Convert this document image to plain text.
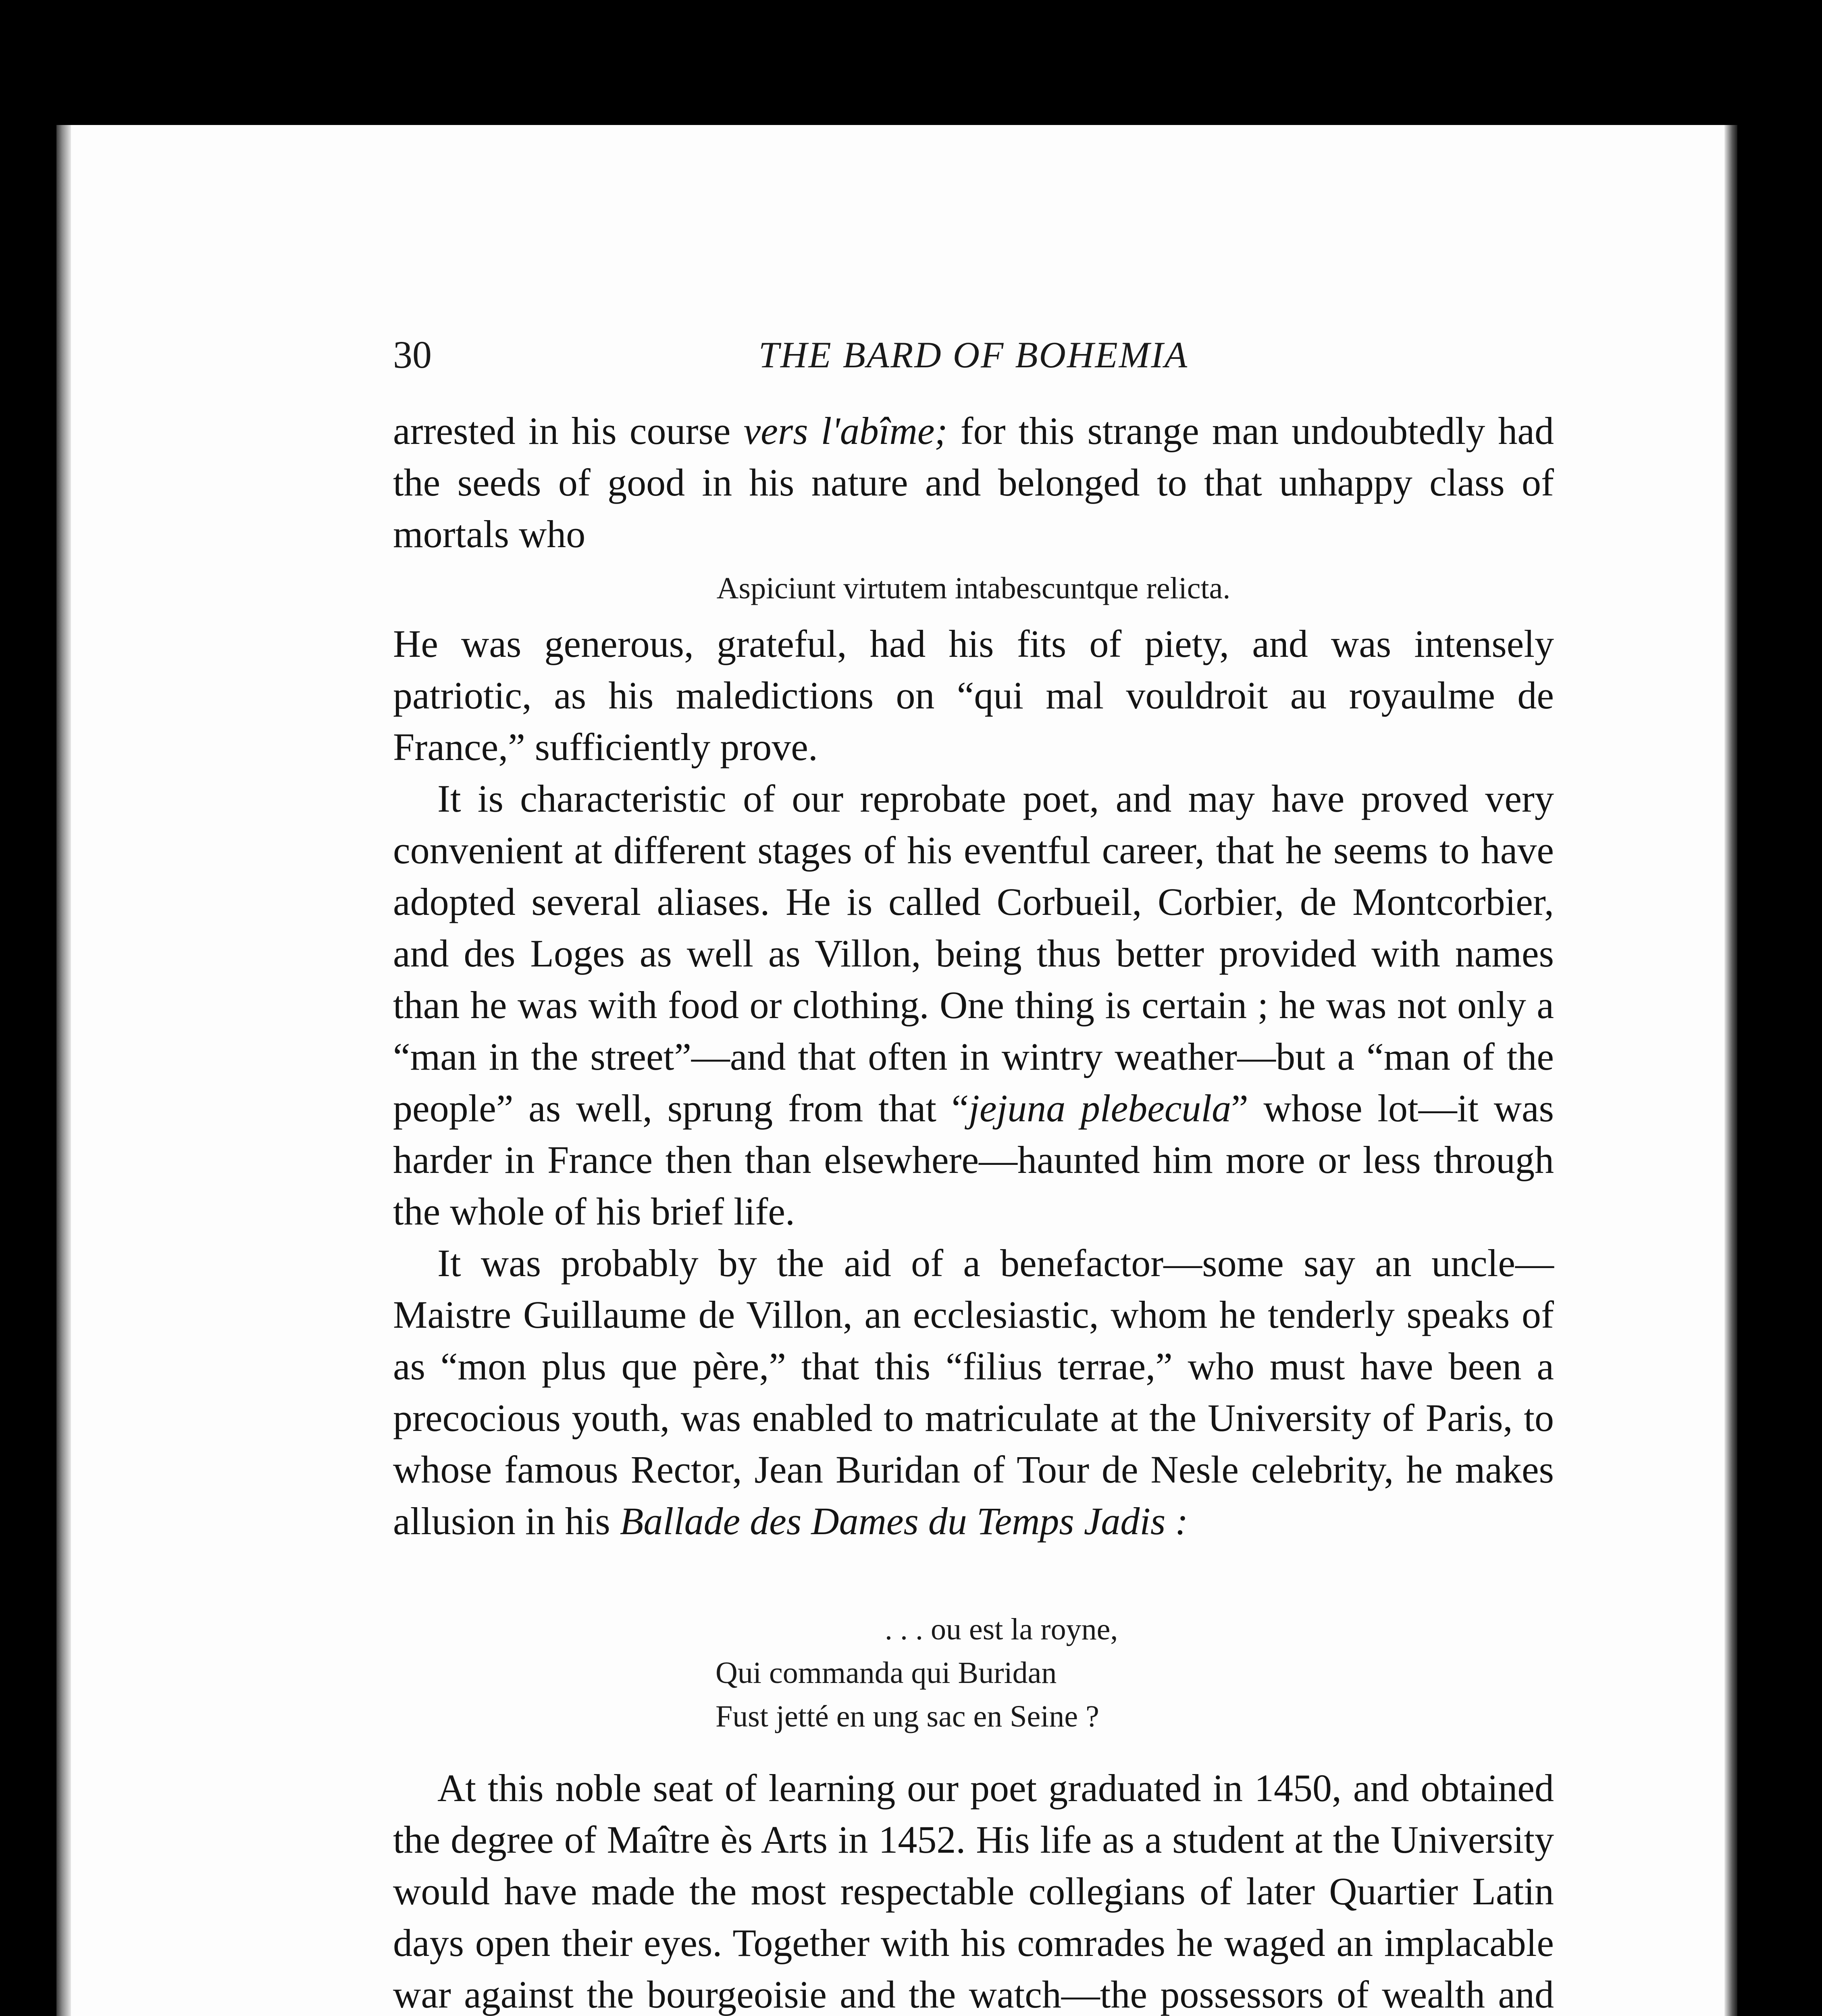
30	THE BARD OF BOHEMIA

arrested in his course vers l'abîme; for this strange man undoubtedly had the seeds of good in his nature and belonged to that unhappy class of mortals who

Aspiciunt virtutem intabescuntque relicta.

He was generous, grateful, had his fits of piety, and was intensely patriotic, as his maledictions on “qui mal vouldroit au royaulme de France,” sufficiently prove.

It is characteristic of our reprobate poet, and may have proved very convenient at different stages of his eventful career, that he seems to have adopted several aliases. He is called Corbueil, Corbier, de Montcorbier, and des Loges as well as Villon, being thus better provided with names than he was with food or clothing. One thing is certain ; he was not only a “man in the street”—and that often in wintry weather—but a “man of the people” as well, sprung from that “jejuna plebecula” whose lot—it was harder in France then than elsewhere—haunted him more or less through the whole of his brief life.

It was probably by the aid of a benefactor—some say an uncle—Maistre Guillaume de Villon, an ecclesiastic, whom he tenderly speaks of as “mon plus que père,” that this “filius terrae,” who must have been a precocious youth, was enabled to matriculate at the University of Paris, to whose famous Rector, Jean Buridan of Tour de Nesle celebrity, he makes allusion in his Ballade des Dames du Temps Jadis :

. . . ou est la royne,
Qui commanda qui Buridan
Fust jetté en ung sac en Seine ?

At this noble seat of learning our poet graduated in 1450, and obtained the degree of Maître ès Arts in 1452. His life as a student at the University would have made the most respectable collegians of later Quartier Latin days open their eyes. Together with his comrades he waged an implacable war against the bourgeoisie and the watch—the possessors of wealth and
